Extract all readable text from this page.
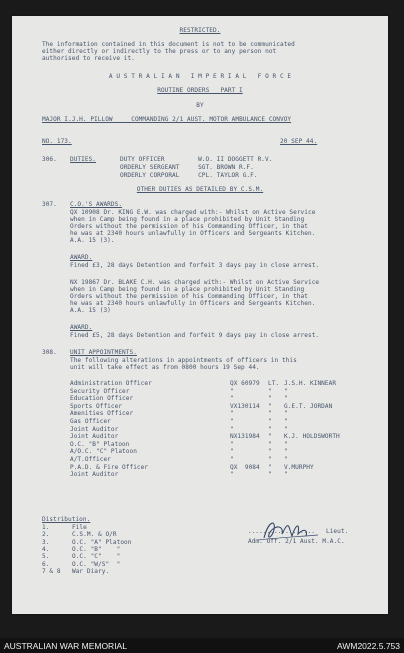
RESTRICTED.
The information contained in this document is not to be communicated
either directly or indirectly to the press or to any person not
authorised to receive it.
A U S T R A L I A N   I M P E R I A L   F O R C E
ROUTINE ORDERS   PART I
BY
MAJOR I.J.H. PILLOW     COMMANDING 2/1 AUST. MOTOR AMBULANCE CONVOY
NO. 173.	20 SEP 44.
306. DUTIES.	DUTY OFFICER         W.O. II DOGGETT R.V.
ORDERLY SERGEANT     SGT. BROWN R.F.
ORDERLY CORPORAL     CPL. TAYLOR G.F.
OTHER DUTIES AS DETAILED BY C.S.M.
307. C.O.'S AWARDS.
QX 10908 Dr. KING E.W. was charged with:- Whilst on Active Service
when in Camp being found in a place prohibited by Unit Standing
Orders without the permission of his Commanding Officer, in that
he was at 2340 hours unlawfully in Officers and Sergeants Kitchen.
A.A. 15 (3).
AWARD.
Fined £3, 28 days Detention and forfeit 3 days pay in close arrest.
NX 19867 Dr. BLAKE C.H. was charged with:- Whilst on Active Service
when in Camp being found in a place prohibited by Unit Standing
Orders without the permission of his Commanding Officer, in that
he was at 2340 hours unlawfully in Officers and Sergeants Kitchen.
A.A. 15 (3)
AWARD.
Fined £5, 28 days Detention and forfeit 9 days pay in close arrest.
308. UNIT APPOINTMENTS.
The following alterations in appointments of officers in this
unit will take effect as from 0800 hours 19 Sep 44.
Administration Officer	QX 60979 LT. J.S.H. KINNEAR
Security Officer	"	" "
Education Officer	"	" "
Sports Officer	VX130114 " G.E.T. JORDAN
Amenities Officer	"	" "
Gas Officer	"	" "
Joint Auditor	"	" "
Joint Auditor	NX131984 " K.J. HOLDSWORTH
O.C. "B" Platoon	"	" "
A/O.C. "C" Platoon	"	" "
A/T.Officer	"	" "
P.A.D. & Fire Officer	QX  9084 " V.MURPHY
Joint Auditor	"	" "
.................. Lieut.
Adm. Off. 2/1 Aust. M.A.C.
Distribution.
1.	File
2.	C.S.M. & O/R
3.	O.C. "A" Platoon
4.	O.C. "B"    "
5.	O.C. "C"    "
6.	O.C. "W/S"  "
7 & 8 War Diary.
AUSTRALIAN WAR MEMORIAL	AWM2022.5.753
